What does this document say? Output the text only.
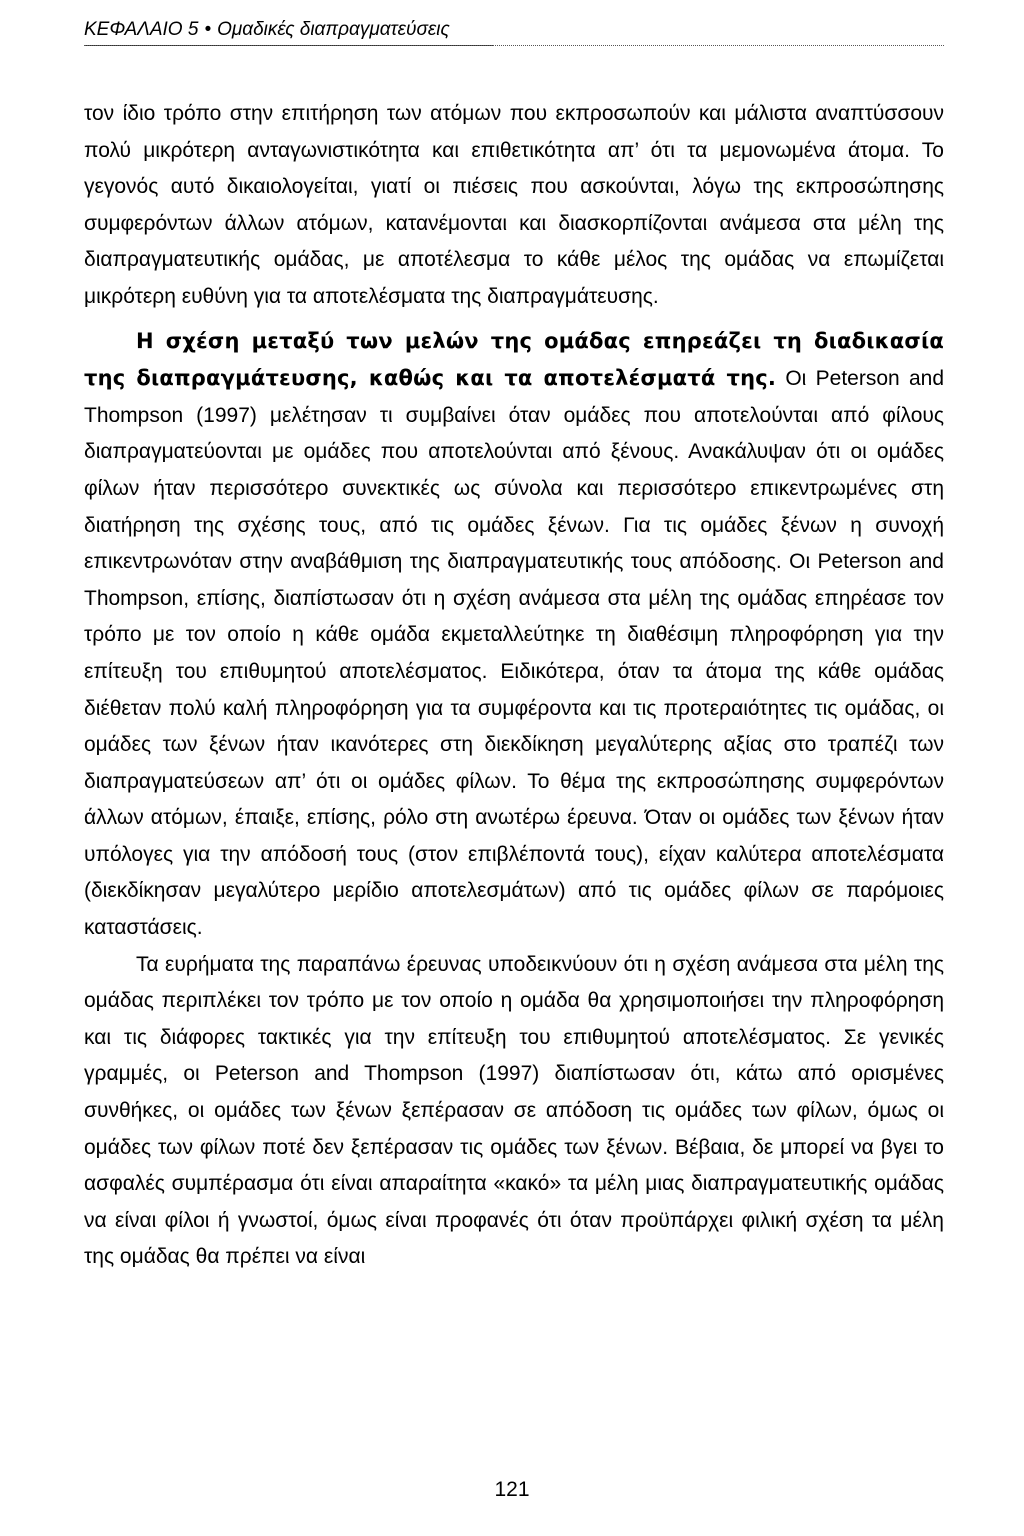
ΚΕΦΑΛΑΙΟ 5 • Ομαδικές διαπραγματεύσεις

τον ίδιο τρόπο στην επιτήρηση των ατόμων που εκπροσωπούν και μάλιστα αναπτύσσουν πολύ μικρότερη ανταγωνιστικότητα και επιθετικότητα απ’ ότι τα μεμονωμένα άτομα. Το γεγονός αυτό δικαιολογείται, γιατί οι πιέσεις που ασκούνται, λόγω της εκπροσώπησης συμφερόντων άλλων ατόμων, κατανέμονται και διασκορπίζονται ανάμεσα στα μέλη της διαπραγματευτικής ομάδας, με αποτέλεσμα το κάθε μέλος της ομάδας να επωμίζεται μικρότερη ευθύνη για τα αποτελέσματα της διαπραγμάτευσης.

Η σχέση μεταξύ των μελών της ομάδας επηρεάζει τη διαδικασία της διαπραγμάτευσης, καθώς και τα αποτελέσματά της. Οι Peterson and Thompson (1997) μελέτησαν τι συμβαίνει όταν ομάδες που αποτελούνται από φίλους διαπραγματεύονται με ομάδες που αποτελούνται από ξένους. Ανακάλυψαν ότι οι ομάδες φίλων ήταν περισσότερο συνεκτικές ως σύνολα και περισσότερο επικεντρωμένες στη διατήρηση της σχέσης τους, από τις ομάδες ξένων. Για τις ομάδες ξένων η συνοχή επικεντρωνόταν στην αναβάθμιση της διαπραγματευτικής τους απόδοσης. Οι Peterson and Thompson, επίσης, διαπίστωσαν ότι η σχέση ανάμεσα στα μέλη της ομάδας επηρέασε τον τρόπο με τον οποίο η κάθε ομάδα εκμεταλλεύτηκε τη διαθέσιμη πληροφόρηση για την επίτευξη του επιθυμητού αποτελέσματος. Ειδικότερα, όταν τα άτομα της κάθε ομάδας διέθεταν πολύ καλή πληροφόρηση για τα συμφέροντα και τις προτεραιότητες τις ομάδας, οι ομάδες των ξένων ήταν ικανότερες στη διεκδίκηση μεγαλύτερης αξίας στο τραπέζι των διαπραγματεύσεων απ’ ότι οι ομάδες φίλων. Το θέμα της εκπροσώπησης συμφερόντων άλλων ατόμων, έπαιξε, επίσης, ρόλο στη ανωτέρω έρευνα. Όταν οι ομάδες των ξένων ήταν υπόλογες για την απόδοσή τους (στον επιβλέποντά τους), είχαν καλύτερα αποτελέσματα (διεκδίκησαν μεγαλύτερο μερίδιο αποτελεσμάτων) από τις ομάδες φίλων σε παρόμοιες καταστάσεις.

Τα ευρήματα της παραπάνω έρευνας υποδεικνύουν ότι η σχέση ανάμεσα στα μέλη της ομάδας περιπλέκει τον τρόπο με τον οποίο η ομάδα θα χρησιμοποιήσει την πληροφόρηση και τις διάφορες τακτικές για την επίτευξη του επιθυμητού αποτελέσματος. Σε γενικές γραμμές, οι Peterson and Thompson (1997) διαπίστωσαν ότι, κάτω από ορισμένες συνθήκες, οι ομάδες των ξένων ξεπέρασαν σε απόδοση τις ομάδες των φίλων, όμως οι ομάδες των φίλων ποτέ δεν ξεπέρασαν τις ομάδες των ξένων. Βέβαια, δε μπορεί να βγει το ασφαλές συμπέρασμα ότι είναι απαραίτητα «κακό» τα μέλη μιας διαπραγματευτικής ομάδας να είναι φίλοι ή γνωστοί, όμως είναι προφανές ότι όταν προϋπάρχει φιλική σχέση τα μέλη της ομάδας θα πρέπει να είναι

121
